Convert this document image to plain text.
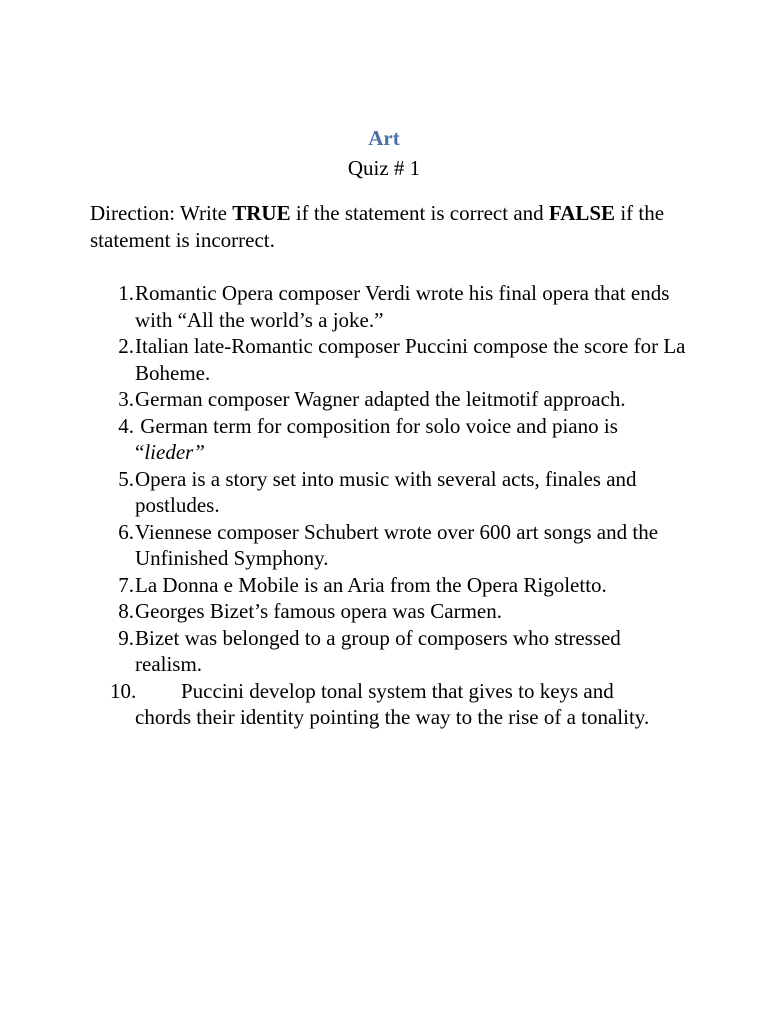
Art
Quiz # 1
Direction: Write TRUE if the statement is correct and FALSE if the statement is incorrect.
1. Romantic Opera composer Verdi wrote his final opera that ends with “All the world’s a joke.”
2. Italian late-Romantic composer Puccini compose the score for La Boheme.
3. German composer Wagner adapted the leitmotif approach.
4. German term for composition for solo voice and piano is “lieder”
5. Opera is a story set into music with several acts, finales and postludes.
6. Viennese composer Schubert wrote over 600 art songs and the Unfinished Symphony.
7. La Donna e Mobile is an Aria from the Opera Rigoletto.
8. Georges Bizet’s famous opera was Carmen.
9. Bizet was belonged to a group of composers who stressed realism.
10.	Puccini develop tonal system that gives to keys and
chords their identity pointing the way to the rise of a tonality.
